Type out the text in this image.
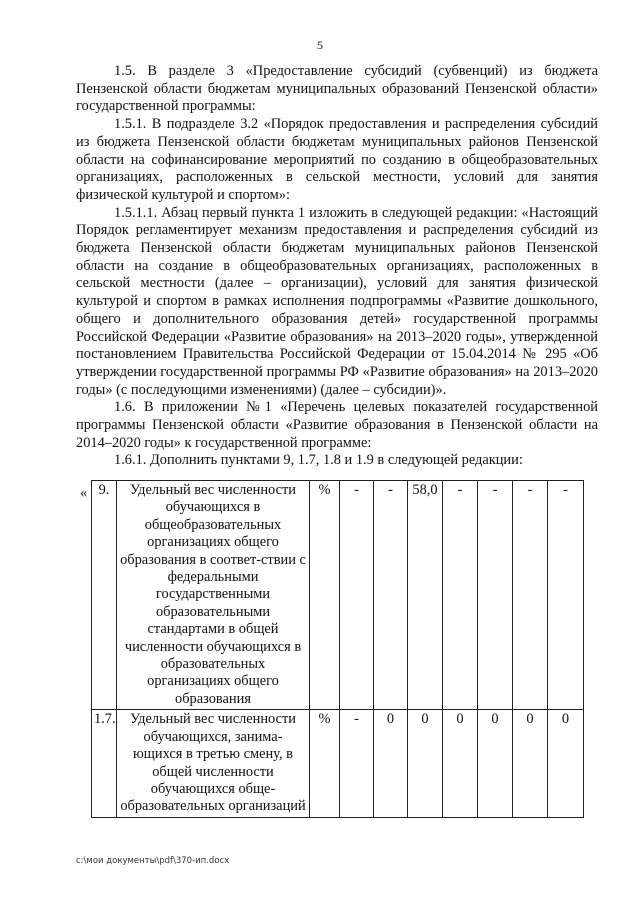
5

1.5. В разделе 3 «Предоставление субсидий (субвенций) из бюджета Пензенской области бюджетам муниципальных образований Пензенской области» государственной программы:

1.5.1. В подразделе 3.2 «Порядок предоставления и распределения субсидий из бюджета Пензенской области бюджетам муниципальных районов Пензенской области на софинансирование мероприятий по созданию в общеобразовательных организациях, расположенных в сельской местности, условий для занятия физической культурой и спортом»:

1.5.1.1. Абзац первый пункта 1 изложить в следующей редакции: «Настоящий Порядок регламентирует механизм предоставления и распределения субсидий из бюджета Пензенской области бюджетам муниципальных районов Пензенской области на создание в общеобразовательных организациях, расположенных в сельской местности (далее – организации), условий для занятия физической культурой и спортом в рамках исполнения подпрограммы «Развитие дошкольного, общего и дополнительного образования детей» государственной программы Российской Федерации «Развитие образования» на 2013–2020 годы», утвержденной постановлением Правительства Российской Федерации от 15.04.2014 № 295 «Об утверждении государственной программы РФ «Развитие образования» на 2013–2020 годы» (с последующими изменениями) (далее – субсидии)».

1.6. В приложении №1 «Перечень целевых показателей государственной программы Пензенской области «Развитие образования в Пензенской области на 2014–2020 годы» к государственной программе:

1.6.1. Дополнить пунктами 9, 1.7, 1.8 и 1.9 в следующей редакции:

« 9.	Удельный вес численности обучающихся в общеобразовательных организациях общего образования в соответ-ствии с федеральными государственными образовательными стандартами в общей численности обучающихся в образовательных организациях общего образования	%	-	-	58,0	-	-	-	-
1.7.	Удельный вес численности обучающихся, занима-ющихся в третью смену, в общей численности обучающихся обще-образовательных организаций	%	-	0	0	0	0	0	0
c:\мои документы\pdf\370-ип.docx
